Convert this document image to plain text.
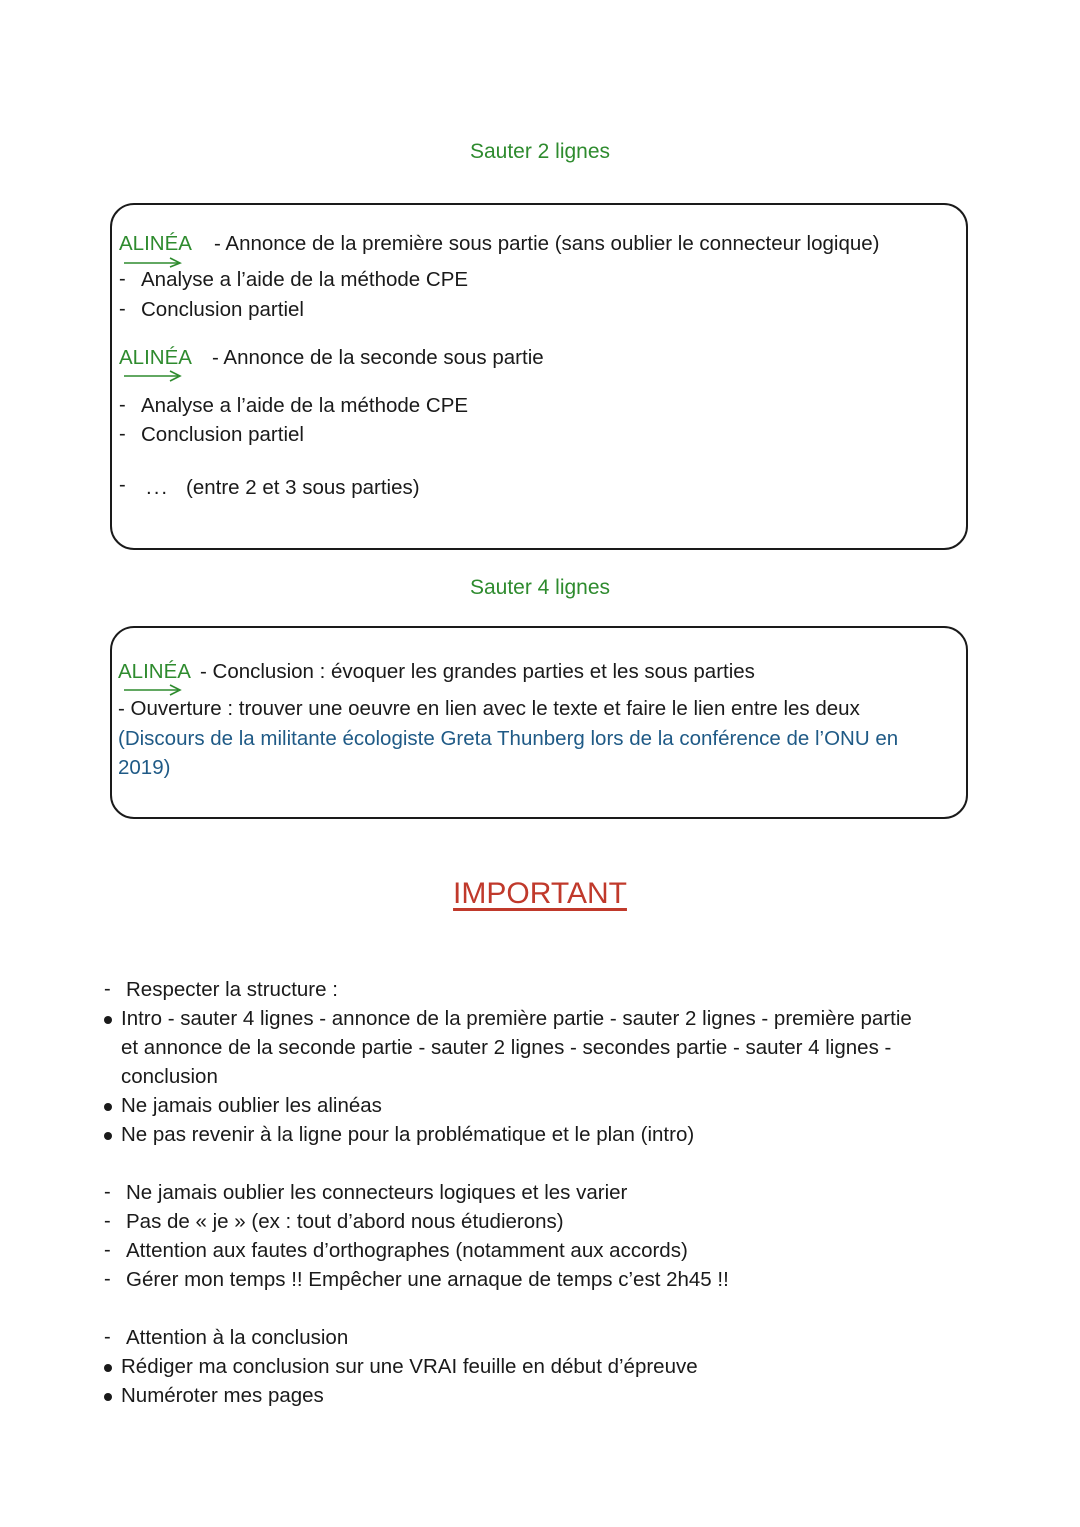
Sauter 2 lignes
ALINÉA - Annonce de la première sous partie (sans oublier le connecteur logique)
- Analyse a l’aide de la méthode CPE
- Conclusion partiel
ALINÉA - Annonce de la seconde sous partie
- Analyse a l’aide de la méthode CPE
- Conclusion partiel
- ... (entre 2 et 3 sous parties)
Sauter 4 lignes
ALINÉA - Conclusion : évoquer les grandes parties et les sous parties
- Ouverture : trouver une oeuvre en lien avec le texte et faire le lien entre les deux
(Discours de la militante écologiste Greta Thunberg lors de la conférence de l’ONU en
2019)
IMPORTANT
- Respecter la structure :
Intro - sauter 4 lignes - annonce de la première partie - sauter 2 lignes - première partie
et annonce de la seconde partie - sauter 2 lignes - secondes partie - sauter 4 lignes -
conclusion
Ne jamais oublier les alinéas
Ne pas revenir à la ligne pour la problématique et le plan (intro)
- Ne jamais oublier les connecteurs logiques et les varier
- Pas de « je » (ex : tout d’abord nous étudierons)
- Attention aux fautes d’orthographes (notamment aux accords)
- Gérer mon temps !! Empêcher une arnaque de temps c’est 2h45 !!
- Attention à la conclusion
Rédiger ma conclusion sur une VRAI feuille en début d’épreuve
Numéroter mes pages
